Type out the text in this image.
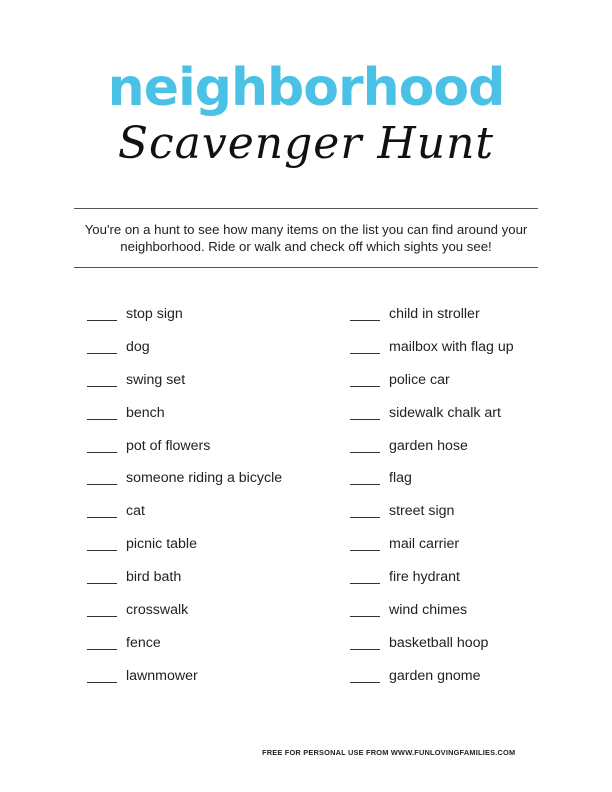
neighborhood
Scavenger Hunt
You're on a hunt to see how many items on the list you can find around your neighborhood. Ride or walk and check off which sights you see!
stop sign
dog
swing set
bench
pot of flowers
someone riding a bicycle
cat
picnic table
bird bath
crosswalk
fence
lawnmower
child in stroller
mailbox with flag up
police car
sidewalk chalk art
garden hose
flag
street sign
mail carrier
fire hydrant
wind chimes
basketball hoop
garden gnome
FREE FOR PERSONAL USE FROM WWW.FUNLOVINGFAMILIES.COM
